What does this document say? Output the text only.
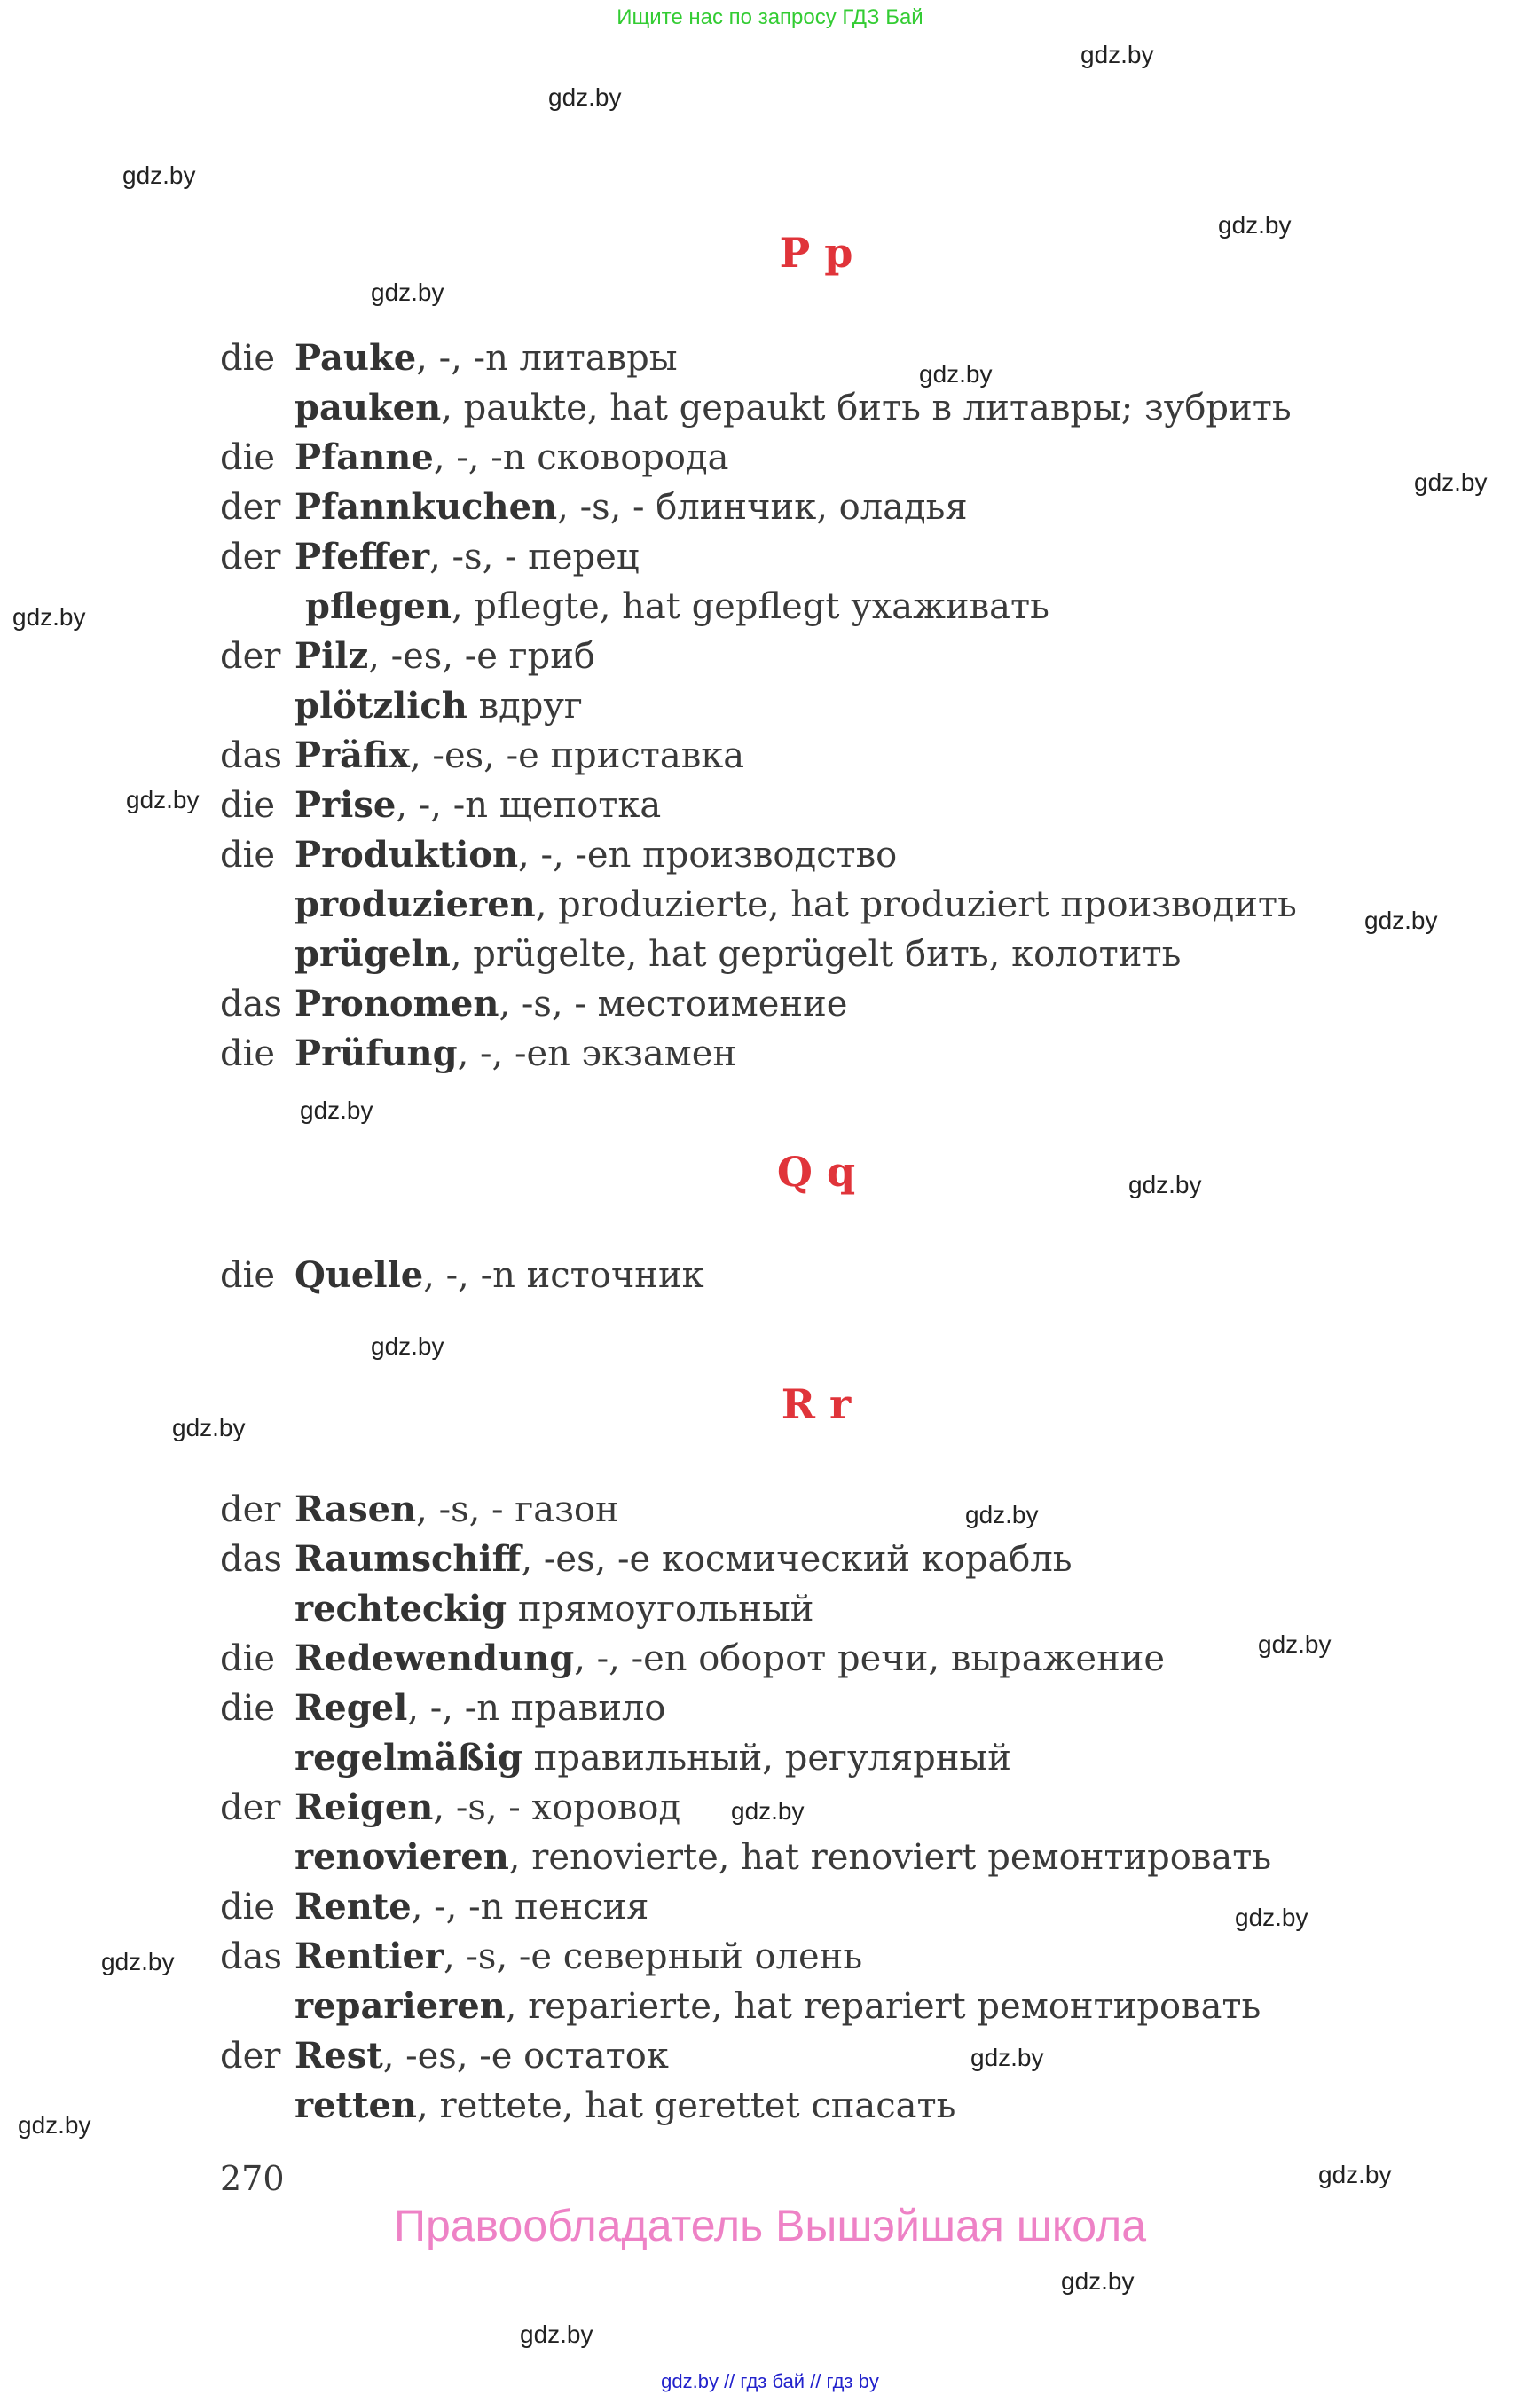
Ищите нас по запросу ГДЗ Бай
gdz.by
gdz.by
gdz.by
gdz.by
gdz.by
gdz.by
gdz.by
gdz.by
gdz.by
gdz.by
gdz.by
gdz.by
gdz.by
gdz.by
gdz.by
gdz.by
gdz.by
gdz.by
gdz.by
gdz.by
gdz.by
gdz.by
gdz.by
gdz.by
P p
die Pauke, -, -n литавры
pauken, paukte, hat gepaukt бить в литавры; зубрить
die Pfanne, -, -n сковорода
der Pfannkuchen, -s, - блинчик, оладья
der Pfeffer, -s, - перец
pflegen, pflegte, hat gepflegt ухаживать
der Pilz, -es, -e гриб
plötzlich вдруг
das Präfix, -es, -e приставка
die Prise, -, -n щепотка
die Produktion, -, -en производство
produzieren, produzierte, hat produziert производить
prügeln, prügelte, hat geprügelt бить, колотить
das Pronomen, -s, - местоимение
die Prüfung, -, -en экзамен
Q q
die Quelle, -, -n источник
R r
der Rasen, -s, - газон
das Raumschiff, -es, -e космический корабль
rechteckig прямоугольный
die Redewendung, -, -en оборот речи, выражение
die Regel, -, -n правило
regelmäßig правильный, регулярный
der Reigen, -s, - хоровод
renovieren, renovierte, hat renoviert ремонтировать
die Rente, -, -n пенсия
das Rentier, -s, -e северный олень
reparieren, reparierte, hat repariert ремонтировать
der Rest, -es, -e остаток
retten, rettete, hat gerettet спасать
270
Правообладатель Вышэйшая школа
gdz.by // гдз бай // гдз by
